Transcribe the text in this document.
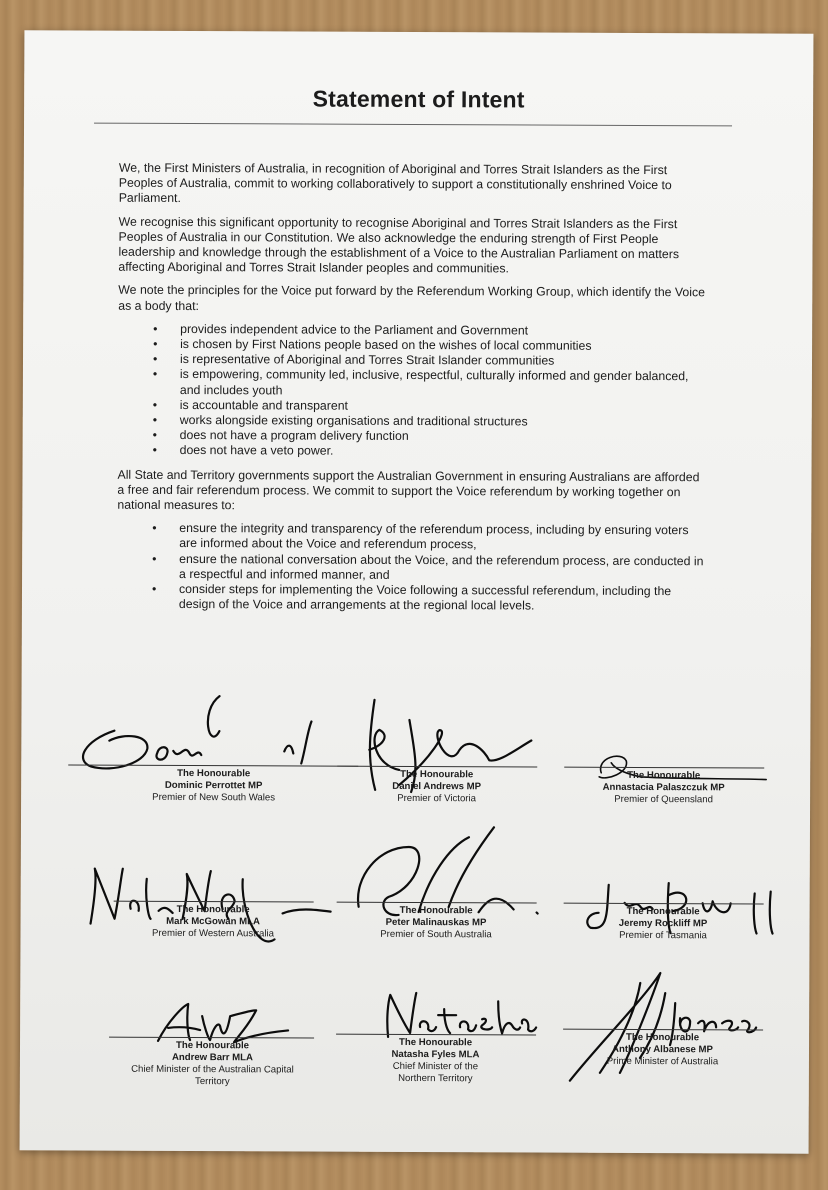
Statement of Intent

We, the First Ministers of Australia, in recognition of Aboriginal and Torres Strait Islanders as the First Peoples of Australia, commit to working collaboratively to support a constitutionally enshrined Voice to Parliament.

We recognise this significant opportunity to recognise Aboriginal and Torres Strait Islanders as the First Peoples of Australia in our Constitution. We also acknowledge the enduring strength of First People leadership and knowledge through the establishment of a Voice to the Australian Parliament on matters affecting Aboriginal and Torres Strait Islander peoples and communities.

We note the principles for the Voice put forward by the Referendum Working Group, which identify the Voice as a body that:

• provides independent advice to the Parliament and Government
• is chosen by First Nations people based on the wishes of local communities
• is representative of Aboriginal and Torres Strait Islander communities
• is empowering, community led, inclusive, respectful, culturally informed and gender balanced, and includes youth
• is accountable and transparent
• works alongside existing organisations and traditional structures
• does not have a program delivery function
• does not have a veto power.

All State and Territory governments support the Australian Government in ensuring Australians are afforded a free and fair referendum process. We commit to support the Voice referendum by working together on national measures to:

• ensure the integrity and transparency of the referendum process, including by ensuring voters are informed about the Voice and referendum process,
• ensure the national conversation about the Voice, and the referendum process, are conducted in a respectful and informed manner, and
• consider steps for implementing the Voice following a successful referendum, including the design of the Voice and arrangements at the regional local levels.
The Honourable
Dominic Perrottet MP
Premier of New South Wales
The Honourable
Daniel Andrews MP
Premier of Victoria
The Honourable
Annastacia Palaszczuk MP
Premier of Queensland
The Honourable
Mark McGowan MLA
Premier of Western Australia
The Honourable
Peter Malinauskas MP
Premier of South Australia
The Honourable
Jeremy Rockliff MP
Premier of Tasmania
The Honourable
Andrew Barr MLA
Chief Minister of the Australian Capital Territory
The Honourable
Natasha Fyles MLA
Chief Minister of the Northern Territory
The Honourable
Anthony Albanese MP
Prime Minister of Australia
